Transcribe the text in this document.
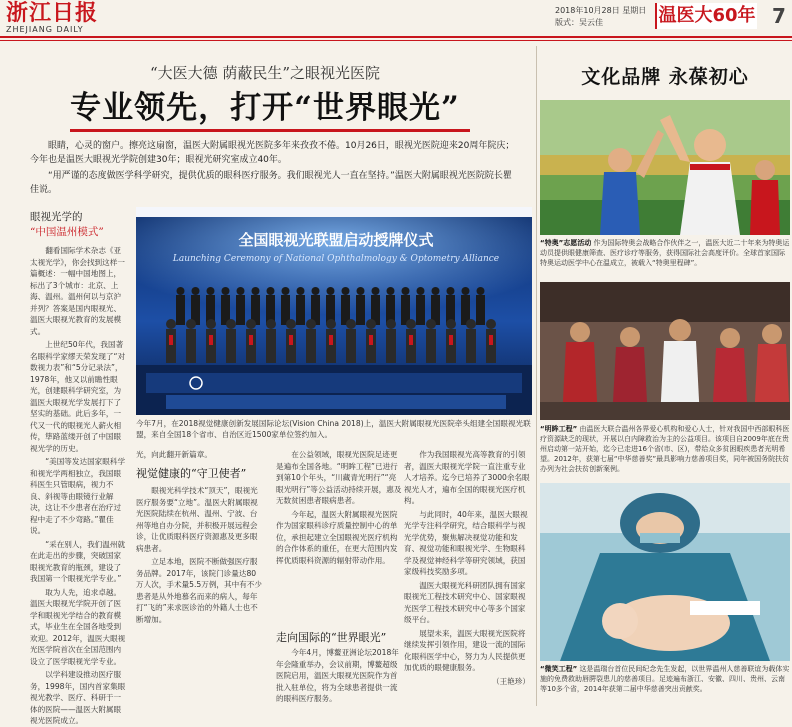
浙江日报
ZHEJIANG DAILY
2018年10月28日 星期日
版式：吴云佳	温医大60年 7
“大医大德 荫蔽民生”之眼视光医院
专业领先，打开“世界眼光”

眼睛，心灵的窗户。擦亮这扇窗，温医大附属眼视光医院多年来孜孜不倦。10月26日，眼视光医院迎来20周年院庆；今年也是温医大眼视光学院创建30年；眼视光研究室成立40年。

“用严谨的态度做医学科学研究，提供优质的眼科医疗服务。我们眼视光人一直在坚持。”温医大附属眼视光医院院长瞿佳说。

眼视光学的
“中国温州模式”

翻看国际学术杂志《亚太视光学》，你会找到这样一篇概述：一幅中国地图上，标出了3个城市：北京、上海、温州。温州何以与京沪并列？答案是国内眼视光、温医大眼视光教育的发展模式。

上世纪50年代，我国著名眼科学家缪天荣发现了“对数视力表”和“5分记录法”，1978年，他又以前瞻性眼光，创建眼科学研究室，为温医大眼视光学发展打下了坚实的基础。此后多年，一代又一代的眼视光人薪火相传，筚路蓝缕开创了中国眼视光学的历史。

“美国等发达国家眼科学和视光学两相独立，我国眼科医生只管眼病，视力不良、斜视等由眼镜行业解决，这让不少患者在治疗过程中走了不少弯路。”瞿佳说。

“采在别人，我们温州就在此走出的步骤，突破国家眼视光教育的瓶颈，建设了我国第一个眼视光学专业。”

取为人先，追求卓越。温医大眼视光学院开创了医学和眼视光学结合的教育模式，毕业生在全国各地受到欢迎。2012年，温医大眼视光医学院首次在全国范围内设立了医学眼视光学专业。

以学科建设推动医疗服务，1998年，国内首家集眼视光教学、医疗、科研于一体的医院——温医大附属眼视光医院成立。

全国眼视光联盟启动授牌仪式
Launching Ceremony of National Ophthalmology & Optometry Alliance
今年7月，在2018视觉健康创新发展国际论坛(Vision China 2018)上，温医大附属眼视光医院牵头组建全国眼视光联盟，来自全国18个省市、自治区近1500家单位签约加入。
光，向此翻开新篇章。
视觉健康的“守卫使者”

眼视光科学技术“顶天”，眼视光医疗服务要“立地”。温医大附属眼视光医院陆续在杭州、温州、宁波、台州等地自办分院，并积极开展远程会诊，让优质眼科医疗资源惠及更多眼病患者。

立足本地，医院不断做强医疗服务品牌。2017年，该院门诊量达80万人次，手术量5.5万例，其中有不少患者是从外地慕名而来的病人，每年打“飞的”来求医诊治的外籍人士也不断增加。

在公益领域，眼视光医院足迹更是遍布全国各地。“明眸工程”已进行到第10个年头，“川藏青光明行”“亮眼光明行”等公益活动持续开展，惠及无数贫困患者眼病患者。

今年起，温医大附属眼视光医院作为国家眼科诊疗质量控制中心的单位，承担起建立全国眼视光医疗机构的合作体系的重任，在更大范围内发挥优质眼科资源的辐射带动作用。

走向国际的“世界眼光”

今年4月，博鳌亚洲论坛2018年年会隆重举办，会议前期，博鳌超级医院启用，温医大眼视光医院作为首批入驻单位，将为全球患者提供一流的眼科医疗服务。

作为我国眼视光高等教育的引领者，温医大眼视光学院一直注重专业人才培养。迄今已培养了3000余名眼视光人才，遍布全国的眼视光医疗机构。

与此同时，40年来，温医大眼视光学专注科学研究，结合眼科学与视光学优势，聚焦解决视觉功能和发育、视觉功能和眼视光学、生物眼科学及视觉神经科学等研究领域，获国家级科技奖励多项。

温医大眼视光科研团队拥有国家眼视光工程技术研究中心、国家眼视光医学工程技术研究中心等多个国家级平台。

展望未来，温医大眼视光医院将继续发挥引领作用，建设一流的国际化眼科医学中心，努力为人民提供更加优质的眼健康服务。

（王艳珍）
文化品牌 永葆初心
“特奥”志愿活动 作为国际特奥会战略合作伙伴之一，温医大近二十年来为特奥运动员提供眼健康筛查、医疗诊疗等服务，获得国际社会高度评价。全球首家国际特奥运动医学中心在温成立，被载入“特奥里程碑”。
“明眸工程” 由温医大联合温州各界爱心机构和爱心人士，针对我国中西部眼科医疗资源缺乏的现状，开展以白内障救治为主的公益项目。该项目自2009年底在贵州启动第一站开始，迄今已走进16个省(市、区)，带给众多贫困眼疾患者光明希望。2012年，获第七届“中华慈善奖”最具影响力慈善项目奖，同年被国务院扶贫办列为社会扶贫创新案例。
“微笑工程” 这是温瑞台首位民间纪念先生发起，以世界温州人慈善联谊为载体实施的免费救助唇腭裂患儿的慈善项目。足迹遍布浙江、安徽、四川、贵州、云南等10多个省，2014年获第二届中华慈善突出贡献奖。
